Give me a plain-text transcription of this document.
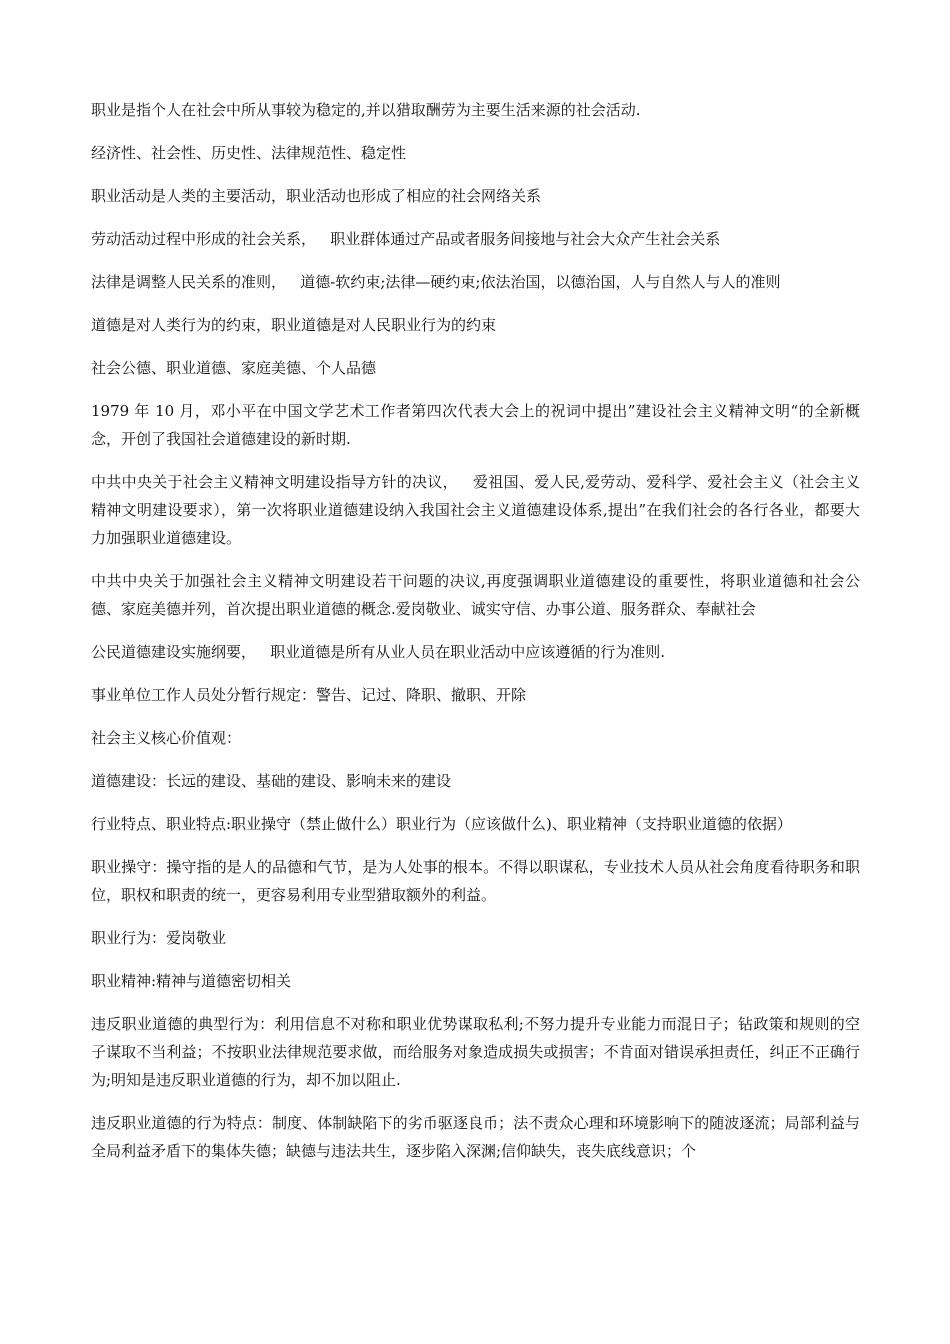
职业是指个人在社会中所从事较为稳定的,并以猎取酬劳为主要生活来源的社会活动.

经济性、社会性、历史性、法律规范性、稳定性

职业活动是人类的主要活动，职业活动也形成了相应的社会网络关系

劳动活动过程中形成的社会关系，   职业群体通过产品或者服务间接地与社会大众产生社会关系

法律是调整人民关系的准则，   道德-软约束;法律—硬约束;依法治国，以德治国，人与自然人与人的准则

道德是对人类行为的约束，职业道德是对人民职业行为的约束

社会公德、职业道德、家庭美德、个人品德

1979 年 10 月，邓小平在中国文学艺术工作者第四次代表大会上的祝词中提出”建设社会主义精神文明“的全新概念，开创了我国社会道德建设的新时期.

中共中央关于社会主义精神文明建设指导方针的决议，   爱祖国、爱人民,爱劳动、爱科学、爱社会主义（社会主义精神文明建设要求），第一次将职业道德建设纳入我国社会主义道德建设体系,提出”在我们社会的各行各业，都要大力加强职业道德建设。

中共中央关于加强社会主义精神文明建设若干问题的决议,再度强调职业道德建设的重要性，将职业道德和社会公德、家庭美德并列，首次提出职业道德的概念.爱岗敬业、诚实守信、办事公道、服务群众、奉献社会

公民道德建设实施纲要，   职业道德是所有从业人员在职业活动中应该遵循的行为准则.

事业单位工作人员处分暂行规定：警告、记过、降职、撤职、开除

社会主义核心价值观：

道德建设：长远的建设、基础的建设、影响未来的建设

行业特点、职业特点:职业操守（禁止做什么）职业行为（应该做什么)、职业精神（支持职业道德的依据）

职业操守：操守指的是人的品德和气节，是为人处事的根本。不得以职谋私，专业技术人员从社会角度看待职务和职位，职权和职责的统一，更容易利用专业型猎取额外的利益。

职业行为：爱岗敬业

职业精神:精神与道德密切相关

违反职业道德的典型行为：利用信息不对称和职业优势谋取私利;不努力提升专业能力而混日子；钻政策和规则的空子谋取不当利益；不按职业法律规范要求做，而给服务对象造成损失或损害；不肯面对错误承担责任，纠正不正确行为;明知是违反职业道德的行为，却不加以阻止.

违反职业道德的行为特点：制度、体制缺陷下的劣币驱逐良币；法不责众心理和环境影响下的随波逐流；局部利益与全局利益矛盾下的集体失德；缺德与违法共生，逐步陷入深渊;信仰缺失，丧失底线意识；个
